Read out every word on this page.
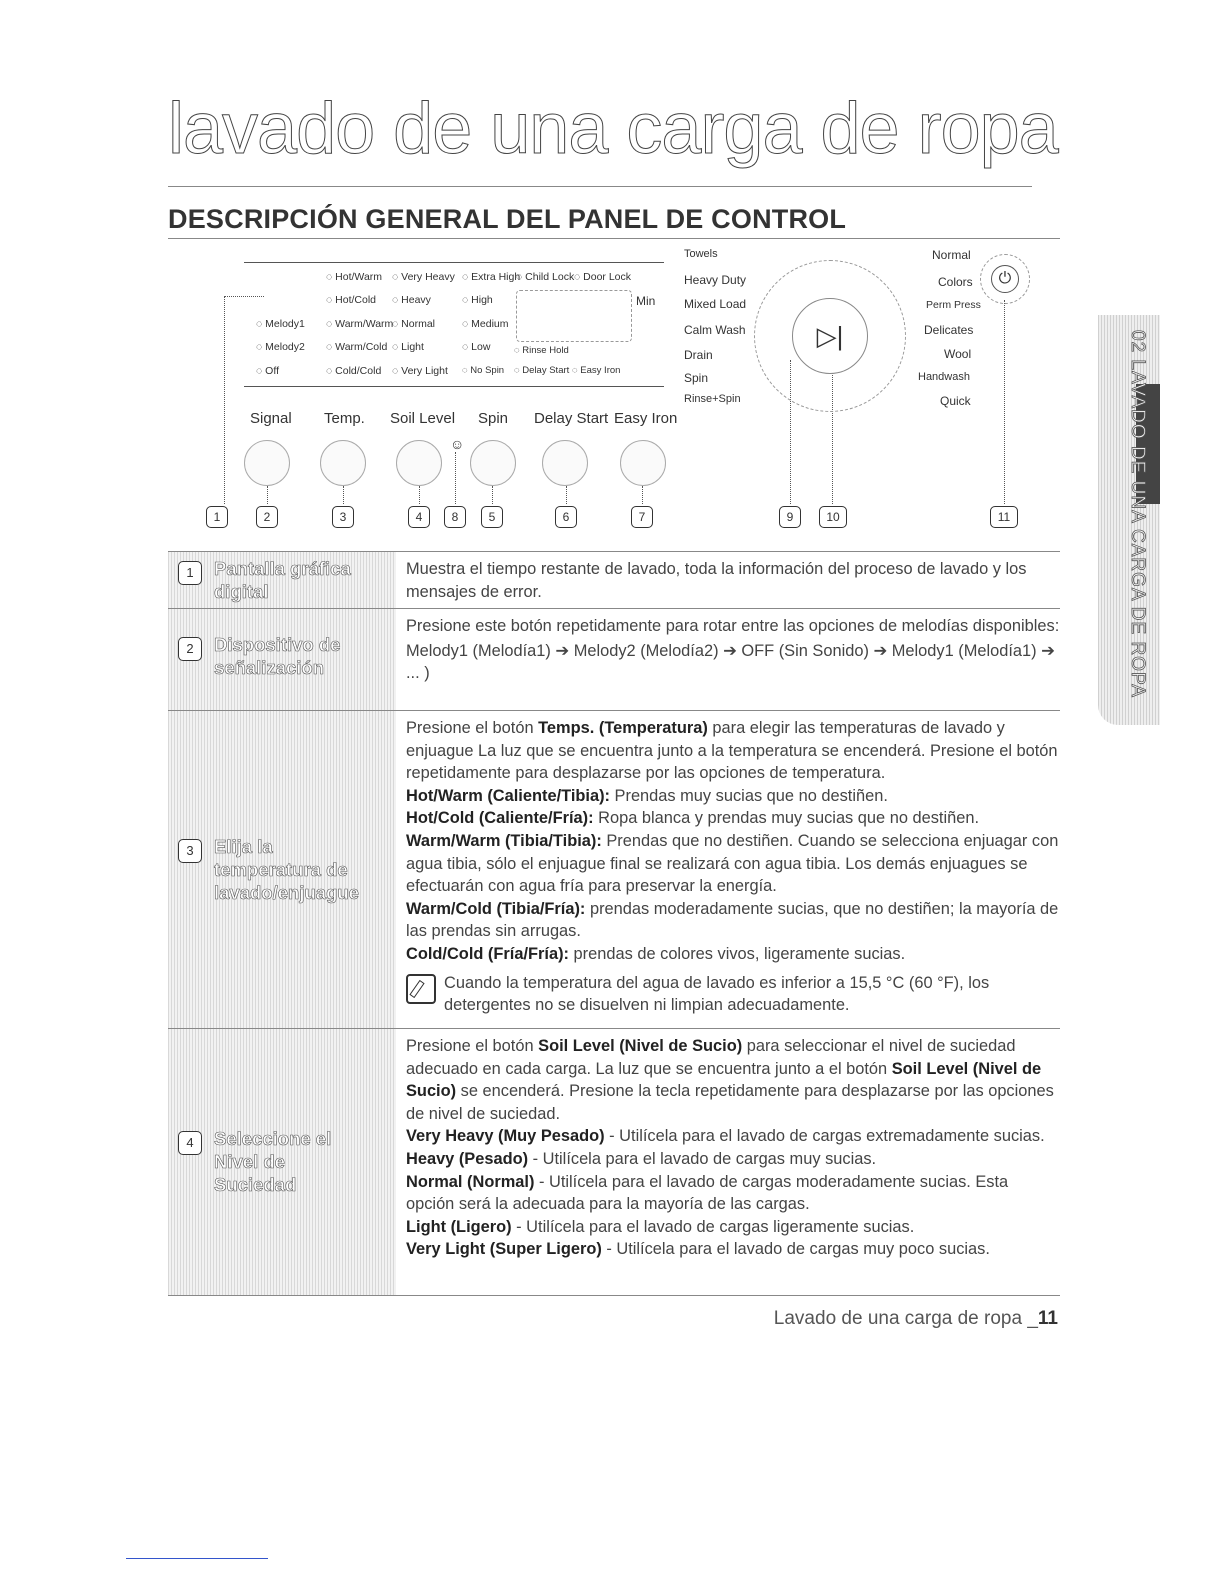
lavado de una carga de ropa
DESCRIPCIÓN GENERAL DEL PANEL DE CONTROL
◌ Hot/Warm	◌ Very Heavy	◌ Extra High ◌ Child Lock ◌ Door Lock
◌ Hot/Cold	◌ Heavy	◌ High
◌ Melody1	◌ Warm/Warm ◌ Normal	◌ Medium
◌ Melody2	◌ Warm/Cold	◌ Light	◌ Low	◌ Rinse Hold
◌ Off	◌ Cold/Cold	◌ Very Light	◌ No Spin	◌ Delay Start	◌ Easy Iron
Min
Signal Temp. Soil Level Spin Delay Start Easy Iron
☺
1	2	3	4	8	5	6	7	9	10	11
▷|
Towels
Heavy Duty
Mixed Load
Calm Wash
Drain
Spin
Rinse+Spin
Normal
Colors
Perm Press
Delicates
Wool
Handwash
Quick
⏻
02 LAVADO DE UNA CARGA DE ROPA
1	Pantalla gráfica digital

Muestra el tiempo restante de lavado, toda la información del proceso de lavado y los mensajes de error.

2	Dispositivo de señalización

Presione este botón repetidamente para rotar entre las opciones de melodías disponibles:

Melody1 (Melodía1) ➔ Melody2 (Melodía2) ➔ OFF (Sin Sonido) ➔ Melody1 (Melodía1) ➔ ... )

3	Elija la temperatura de lavado/enjuague

Presione el botón Temps. (Temperatura) para elegir las temperaturas de lavado y enjuague La luz que se encuentra junto a la temperatura se encenderá. Presione el botón repetidamente para desplazarse por las opciones de temperatura.

Hot/Warm (Caliente/Tibia): Prendas muy sucias que no destiñen.

Hot/Cold (Caliente/Fría): Ropa blanca y prendas muy sucias que no destiñen.

Warm/Warm (Tibia/Tibia): Prendas que no destiñen. Cuando se selecciona enjuagar con agua tibia, sólo el enjuague final se realizará con agua tibia. Los demás enjuagues se efectuarán con agua fría para preservar la energía.

Warm/Cold (Tibia/Fría): prendas moderadamente sucias, que no destiñen; la mayoría de las prendas sin arrugas.

Cold/Cold (Fría/Fría): prendas de colores vivos, ligeramente sucias.

Cuando la temperatura del agua de lavado es inferior a 15,5 °C (60 °F), los detergentes no se disuelven ni limpian adecuadamente.

4	Seleccione el Nivel de Suciedad

Presione el botón Soil Level (Nivel de Sucio) para seleccionar el nivel de suciedad adecuado en cada carga. La luz que se encuentra junto a el botón Soil Level (Nivel de Sucio) se encenderá. Presione la tecla repetidamente para desplazarse por las opciones de nivel de suciedad.

Very Heavy (Muy Pesado) - Utilícela para el lavado de cargas extremadamente sucias.

Heavy (Pesado) - Utilícela para el lavado de cargas muy sucias.

Normal (Normal) - Utilícela para el lavado de cargas moderadamente sucias. Esta opción será la adecuada para la mayoría de las cargas.

Light (Ligero) - Utilícela para el lavado de cargas ligeramente sucias.

Very Light (Super Ligero) - Utilícela para el lavado de cargas muy poco sucias.

Lavado de una carga de ropa _11
